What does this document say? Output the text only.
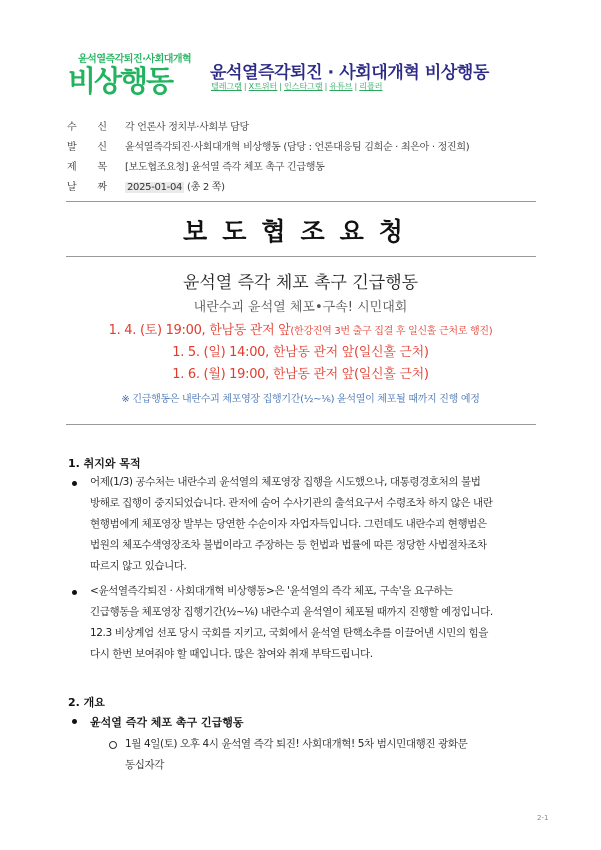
윤석열즉각퇴진·사회대개혁
비상행동 윤석열즉각퇴진 · 사회대개혁 비상행동
텔레그램 | X트위터 | 인스타그램 | 유튜브 | 리플러
수 신 각 언론사 정치부·사회부 담당
발 신 윤석열즉각퇴진·사회대개혁 비상행동 (담당 : 언론대응팀 김희순 · 최은아 · 정진희)
제 목 [보도협조요청] 윤석열 즉각 체포 촉구 긴급행동
날 짜 2025-01-04 (총 2 쪽)
보도협조요청
윤석열 즉각 체포 촉구 긴급행동
내란수괴 윤석열 체포•구속! 시민대회
1. 4. (토) 19:00, 한남동 관저 앞(한강진역 3번 출구 집결 후 일신홀 근처로 행진)
1. 5. (일) 14:00, 한남동 관저 앞(일신홀 근처)
1. 6. (월) 19:00, 한남동 관저 앞(일신홀 근처)
※ 긴급행동은 내란수괴 체포영장 집행기간(½~⅙) 윤석열이 체포될 때까지 진행 예정
1. 취지와 목적
어제(1/3) 공수처는 내란수괴 윤석열의 체포영장 집행을 시도했으나, 대통령경호처의 불법
방해로 집행이 중지되었습니다. 관저에 숨어 수사기관의 출석요구서 수령조차 하지 않은 내란
현행범에게 체포영장 발부는 당연한 수순이자 자업자득입니다. 그런데도 내란수괴 현행범은
법원의 체포수색영장조차 불법이라고 주장하는 등 헌법과 법률에 따른 정당한 사법절차조차
따르지 않고 있습니다.
<윤석열즉각퇴진 · 사회대개혁 비상행동>은 '윤석열의 즉각 체포, 구속'을 요구하는
긴급행동을 체포영장 집행기간(½~⅙) 내란수괴 윤석열이 체포될 때까지 진행할 예정입니다.
12.3 비상계엄 선포 당시 국회를 지키고, 국회에서 윤석열 탄핵소추를 이끌어낸 시민의 힘을
다시 한번 보여줘야 할 때입니다. 많은 참여와 취재 부탁드립니다.
2. 개요
윤석열 즉각 체포 촉구 긴급행동
1월 4일(토) 오후 4시 윤석열 즉각 퇴진! 사회대개혁! 5차 범시민대행진 광화문
동십자각
2-1
